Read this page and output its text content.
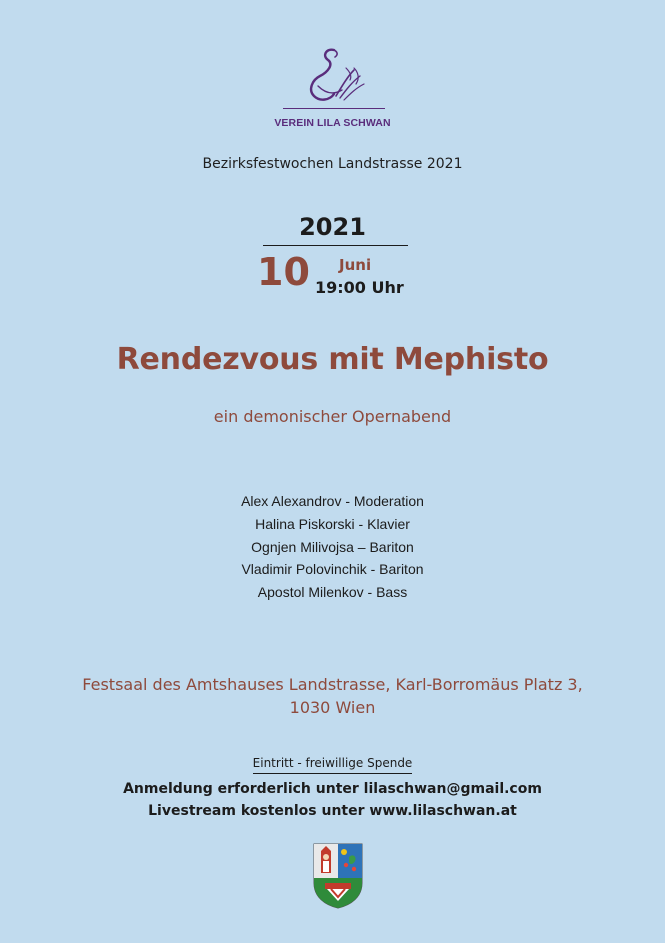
VEREIN LILA SCHWAN
Bezirksfestwochen Landstrasse 2021
2021
10 Juni
19:00 Uhr
Rendezvous mit Mephisto
ein demonischer Opernabend
Alex Alexandrov - Moderation
Halina Piskorski - Klavier
Ognjen Milivojsa – Bariton
Vladimir Polovinchik - Bariton
Apostol Milenkov - Bass
Festsaal des Amtshauses Landstrasse, Karl-Borromäus Platz 3,
1030 Wien
Eintritt - freiwillige Spende
Anmeldung erforderlich unter lilaschwan@gmail.com
Livestream kostenlos unter www.lilaschwan.at
